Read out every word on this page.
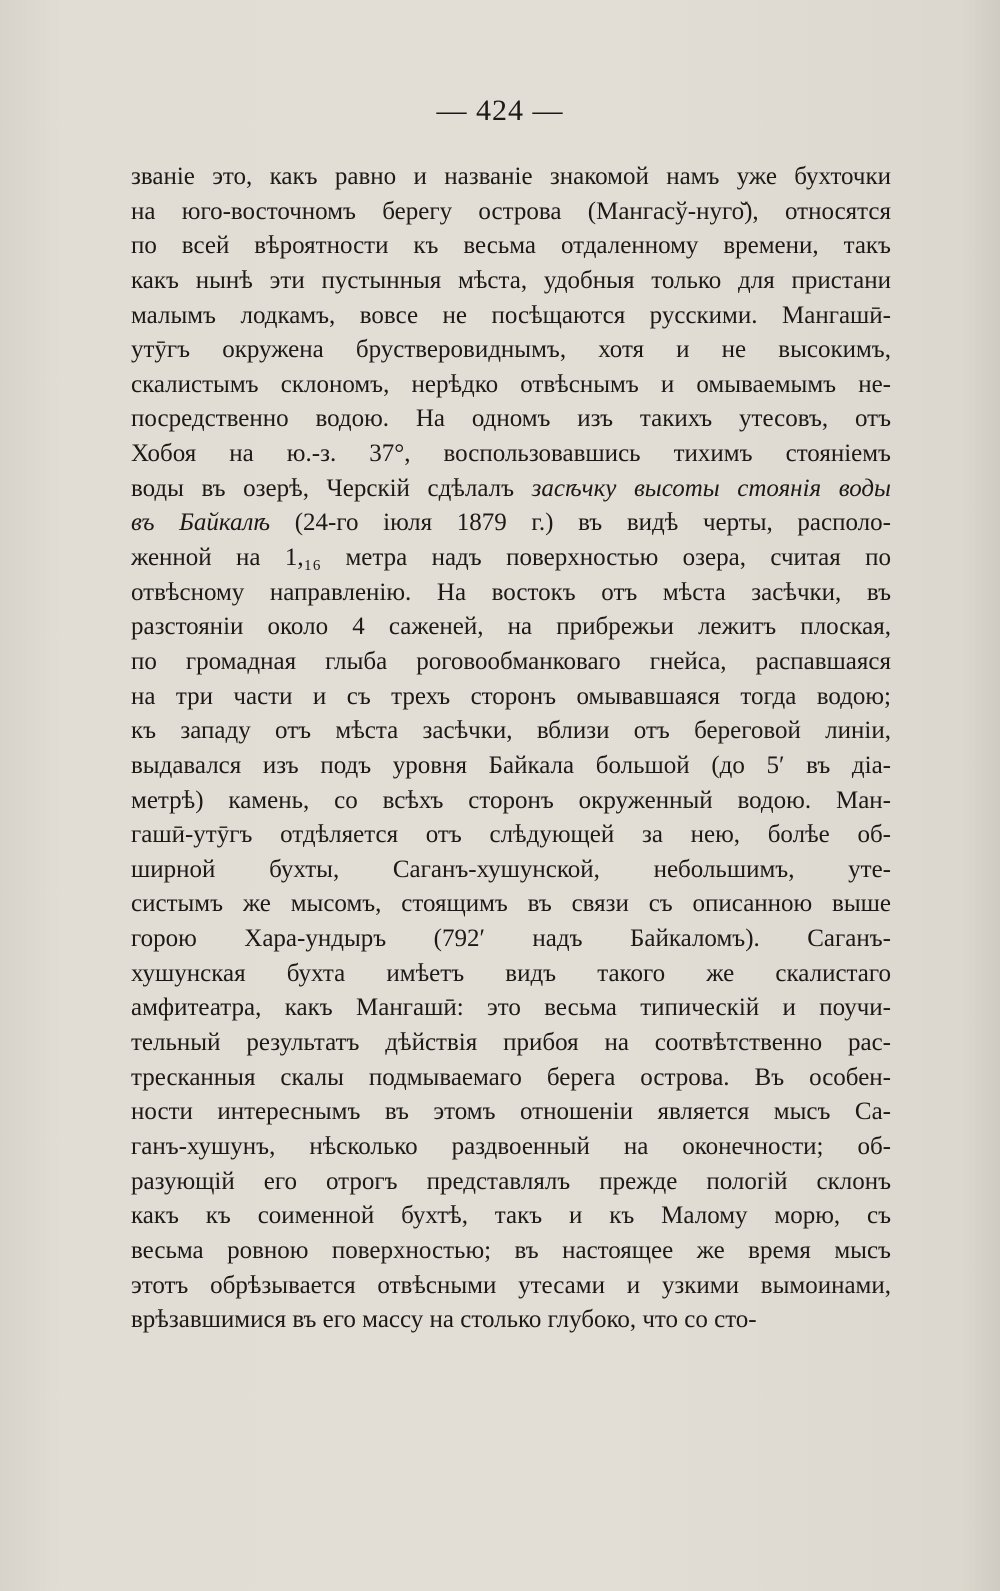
— 424 —
званіе это, какъ равно и названіе знакомой намъ уже бухточки
на юго-восточномъ берегу острова (Мангасў-нуго̆), относятся
по всей вѣроятности къ весьма отдаленному времени, такъ
какъ нынѣ эти пустынныя мѣста, удобныя только для пристани
малымъ лодкамъ, вовсе не посѣщаются русскими. Мангашӣ-
утӯгъ окружена брустверовиднымъ, хотя и не высокимъ,
скалистымъ склономъ, нерѣдко отвѣснымъ и омываемымъ не-
посредственно водою. На одномъ изъ такихъ утесовъ, отъ
Хобоя на ю.-з. 37°, воспользовавшись тихимъ стояніемъ
воды въ озерѣ, Черскій сдѣлалъ засѣчку высоты стоянія воды
въ Байкалѣ (24-го іюля 1879 г.) въ видѣ черты, располо-
женной на 1,₁₆ метра надъ поверхностью озера, считая по
отвѣсному направленію. На востокъ отъ мѣста засѣчки, въ
разстояніи около 4 саженей, на прибрежьи лежитъ плоская,
по громадная глыба роговообманковаго гнейса, распавшаяся
на три части и съ трехъ сторонъ омывавшаяся тогда водою;
къ западу отъ мѣста засѣчки, вблизи отъ береговой линіи,
выдавался изъ подъ уровня Байкала большой (до 5′ въ діа-
метрѣ) камень, со всѣхъ сторонъ окруженный водою. Ман-
гашӣ-утӯгъ отдѣляется отъ слѣдующей за нею, болѣе об-
ширной бухты, Саганъ-хушунской, небольшимъ, уте-
систымъ же мысомъ, стоящимъ въ связи съ описанною выше
горою Хара-ундыръ (792′ надъ Байкаломъ). Саганъ-
хушунская бухта имѣетъ видъ такого же скалистаго
амфитеатра, какъ Мангашӣ: это весьма типическій и поучи-
тельный результатъ дѣйствія прибоя на соотвѣтственно рас-
тресканныя скалы подмываемаго берега острова. Въ особен-
ности интереснымъ въ этомъ отношеніи является мысъ Са-
ганъ-хушунъ, нѣсколько раздвоенный на оконечности; об-
разующій его отрогъ представлялъ прежде пологій склонъ
какъ къ соименной бухтѣ, такъ и къ Малому морю, съ
весьма ровною поверхностью; въ настоящее же время мысъ
этотъ обрѣзывается отвѣсными утесами и узкими вымоинами,
врѣзавшимися въ его массу на столько глубоко, что со сто-
